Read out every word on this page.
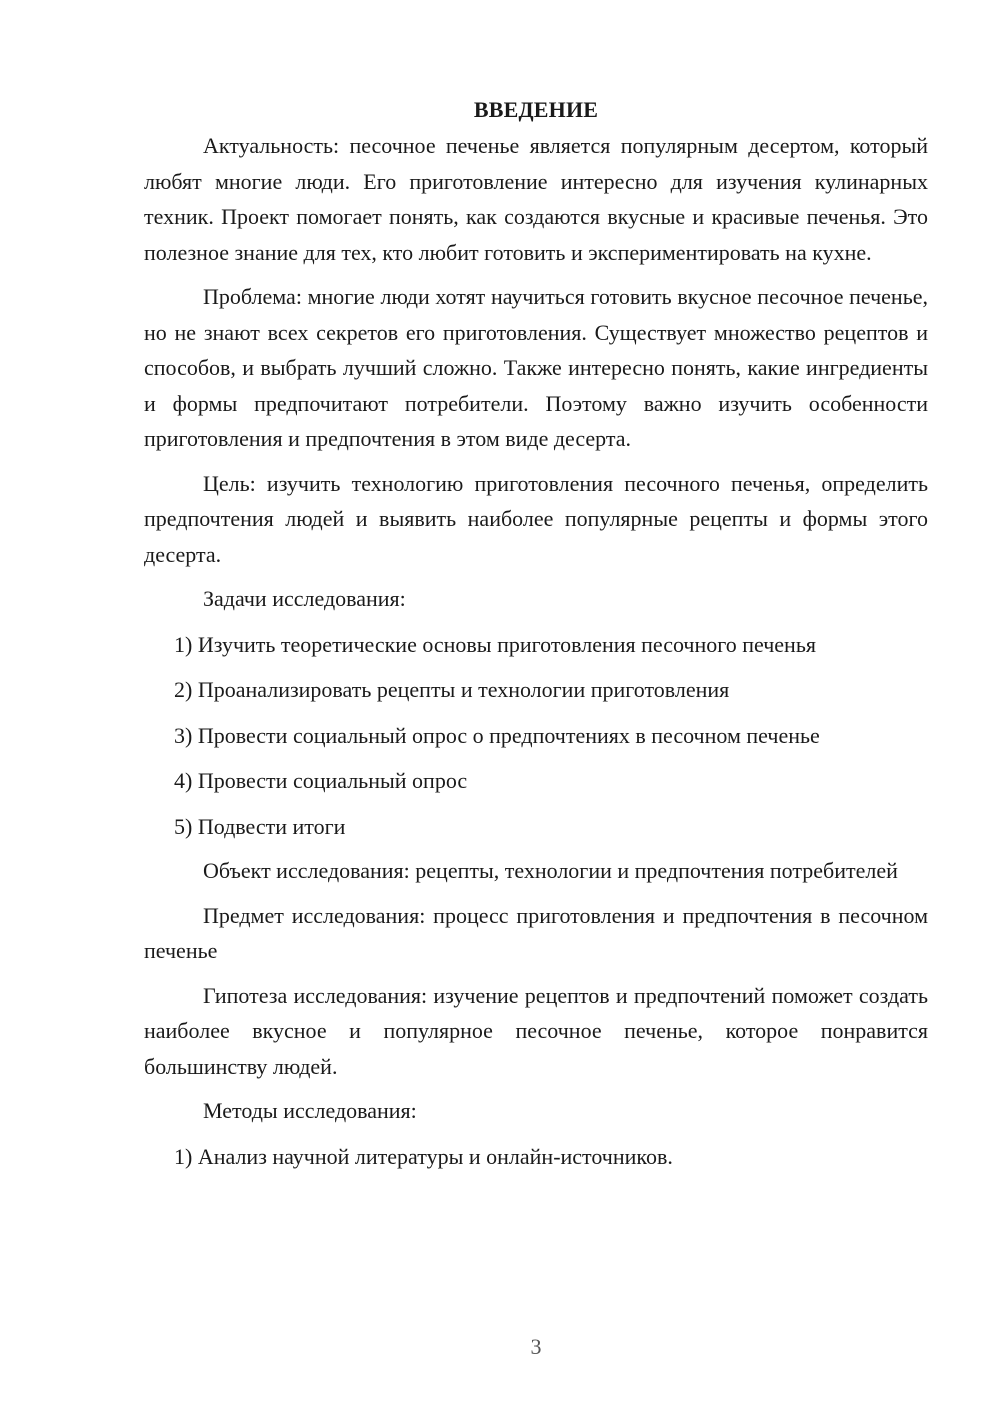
ВВЕДЕНИЕ

Актуальность: песочное печенье является популярным десертом, который любят многие люди. Его приготовление интересно для изучения кулинарных техник. Проект помогает понять, как создаются вкусные и красивые печенья. Это полезное знание для тех, кто любит готовить и экспериментировать на кухне.

Проблема: многие люди хотят научиться готовить вкусное песочное печенье, но не знают всех секретов его приготовления. Существует множество рецептов и способов, и выбрать лучший сложно. Также интересно понять, какие ингредиенты и формы предпочитают потребители. Поэтому важно изучить особенности приготовления и предпочтения в этом виде десерта.

Цель: изучить технологию приготовления песочного печенья, определить предпочтения людей и выявить наиболее популярные рецепты и формы этого десерта.

Задачи исследования:

1) Изучить теоретические основы приготовления песочного печенья

2) Проанализировать рецепты и технологии приготовления

3) Провести социальный опрос о предпочтениях в песочном печенье

4) Провести социальный опрос

5) Подвести итоги

Объект исследования: рецепты, технологии и предпочтения потребителей

Предмет исследования: процесс приготовления и предпочтения в песочном печенье

Гипотеза исследования: изучение рецептов и предпочтений поможет создать наиболее вкусное и популярное песочное печенье, которое понравится большинству людей.

Методы исследования:

1) Анализ научной литературы и онлайн-источников.

3
